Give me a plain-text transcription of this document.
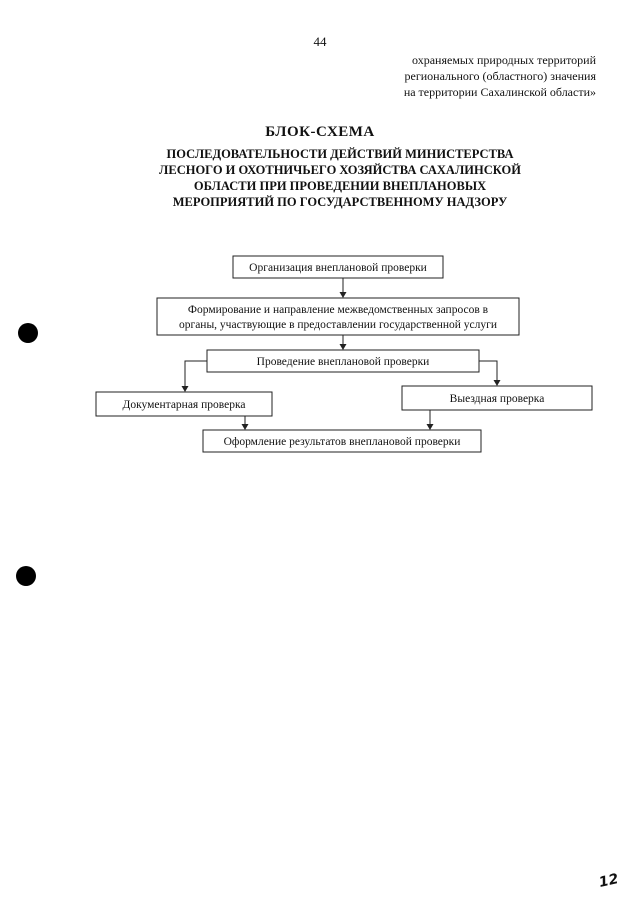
44
охраняемых природных территорий
регионального (областного) значения
на территории Сахалинской области»
БЛОК-СХЕМА
ПОСЛЕДОВАТЕЛЬНОСТИ ДЕЙСТВИЙ МИНИСТЕРСТВА
ЛЕСНОГО И ОХОТНИЧЬЕГО ХОЗЯЙСТВА САХАЛИНСКОЙ
ОБЛАСТИ ПРИ ПРОВЕДЕНИИ ВНЕПЛАНОВЫХ
МЕРОПРИЯТИЙ ПО ГОСУДАРСТВЕННОМУ НАДЗОРУ
Организация внеплановой проверки
Формирование и направление межведомственных запросов в
органы, участвующие в предоставлении государственной услуги
Проведение внеплановой проверки
Документарная проверка	Выездная проверка
Оформление результатов внеплановой проверки
12
